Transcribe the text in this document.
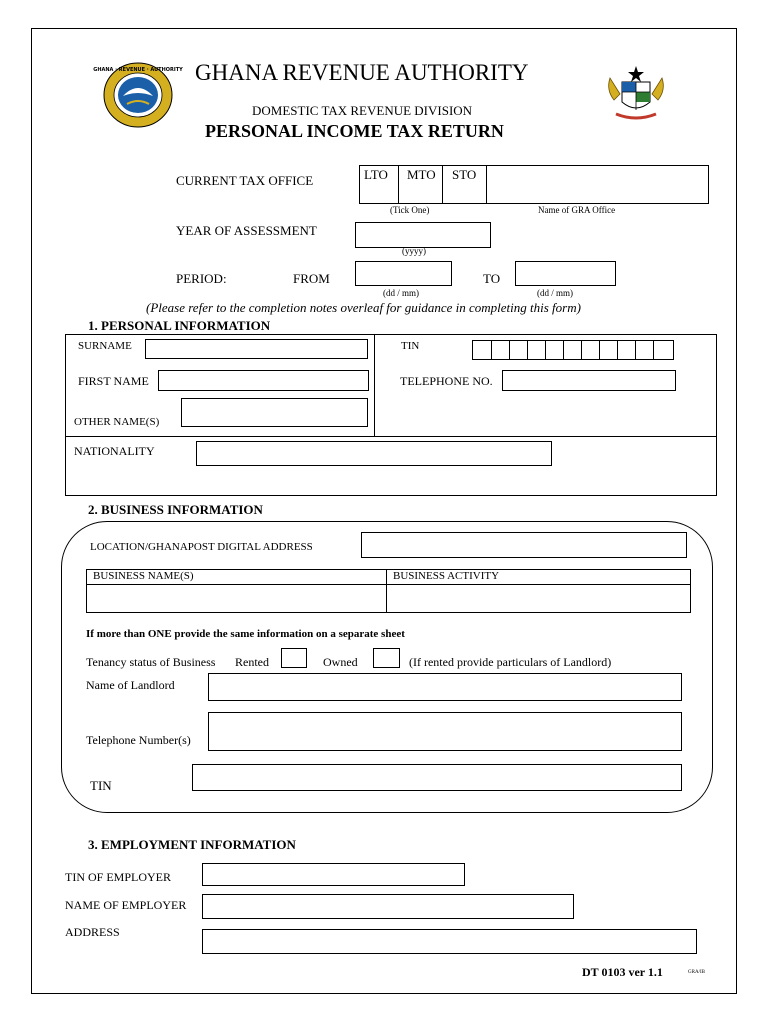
GHANA · REVENUE · AUTHORITY GHANA REVENUE AUTHORITY
DOMESTIC TAX REVENUE DIVISION
PERSONAL INCOME TAX RETURN
CURRENT TAX OFFICE	LTO MTO STO
(Tick One)	Name of GRA Office
YEAR OF ASSESSMENT
(yyyy)
PERIOD:	FROM	TO
(dd / mm)	(dd / mm)
(Please refer to the completion notes overleaf for guidance in completing this form)
1. PERSONAL INFORMATION
SURNAME	TIN
FIRST NAME	TELEPHONE NO.
OTHER NAME(S)
NATIONALITY
2. BUSINESS INFORMATION
LOCATION/GHANAPOST DIGITAL ADDRESS
BUSINESS NAME(S)	BUSINESS ACTIVITY
If more than ONE provide the same information on a separate sheet
Tenancy status of Business Rented	Owned	(If rented provide particulars of Landlord)
Name of Landlord
Telephone Number(s)
TIN
3. EMPLOYMENT INFORMATION
TIN OF EMPLOYER
NAME OF EMPLOYER
ADDRESS
DT 0103 ver 1.1	GRA/IB
